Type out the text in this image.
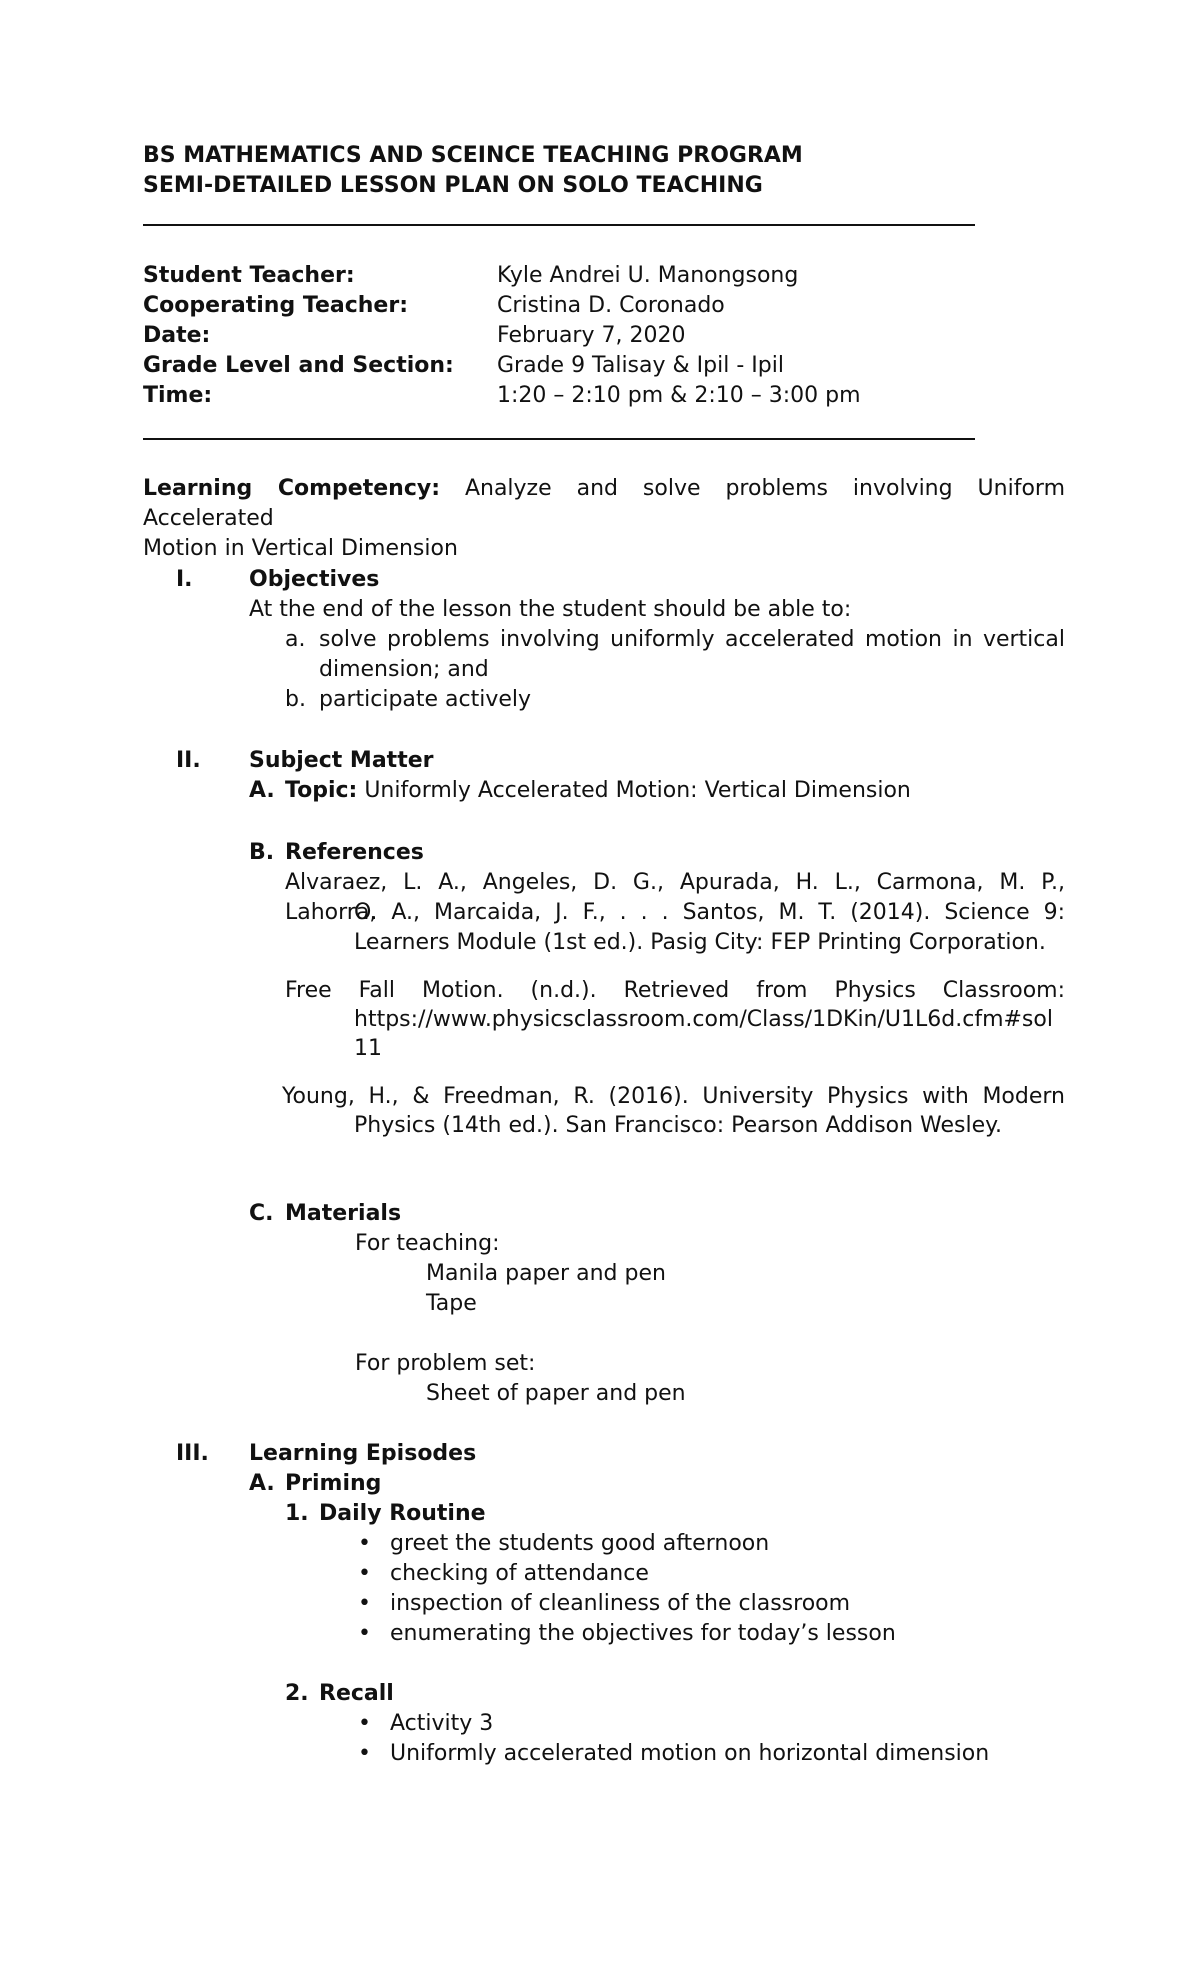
BS MATHEMATICS AND SCEINCE TEACHING PROGRAM
SEMI-DETAILED LESSON PLAN ON SOLO TEACHING
Student Teacher:	Kyle Andrei U. Manongsong
Cooperating Teacher:	Cristina D. Coronado
Date:	February 7, 2020
Grade Level and Section: Grade 9 Talisay & Ipil - Ipil
Time:	1:20 – 2:10 pm & 2:10 – 3:00 pm
Learning Competency: Analyze and solve problems involving Uniform Accelerated
Motion in Vertical Dimension
I.	Objectives
At the end of the lesson the student should be able to:
a. solve problems involving uniformly accelerated motion in vertical
dimension; and
b. participate actively
II. Subject Matter
A. Topic: Uniformly Accelerated Motion: Vertical Dimension
B. References
Alvaraez, L. A., Angeles, D. G., Apurada, H. L., Carmona, M. P., Lahorra,
O. A., Marcaida, J. F., . . . Santos, M. T. (2014). Science 9:
Learners Module (1st ed.). Pasig City: FEP Printing Corporation.
Free Fall Motion. (n.d.). Retrieved from Physics Classroom:
https://www.physicsclassroom.com/Class/1DKin/U1L6d.cfm#sol
11
Young, H., & Freedman, R. (2016). University Physics with Modern
Physics (14th ed.). San Francisco: Pearson Addison Wesley.
C. Materials
For teaching:
Manila paper and pen
Tape
For problem set:
Sheet of paper and pen
III. Learning Episodes
A. Priming
1. Daily Routine
• greet the students good afternoon
• checking of attendance
• inspection of cleanliness of the classroom
• enumerating the objectives for today’s lesson
2. Recall
• Activity 3
• Uniformly accelerated motion on horizontal dimension
